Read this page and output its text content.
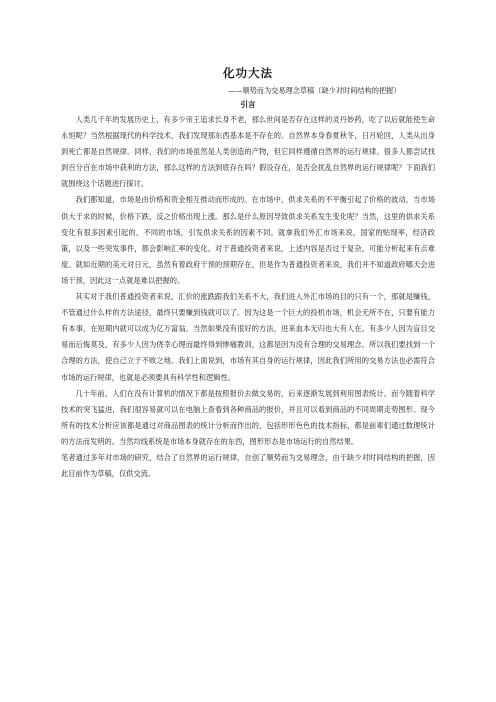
化功大法
——顺势而为交易理念草稿（缺少对时间结构的把握）
引言

人类几千年的发展历史上，有多少帝王追求长身不老，那么世间是否存在这样的灵丹妙药，吃了以后就能使生命永恒呢？当然根据现代的科学技术，我们发现那东西基本是不存在的。自然界本身春夏秋冬，日月轮回，人类从出身到死亡都是自然规律。同样，我们的市场虽然是人类创造的产物，但它同样遵循自然界的运行规律。很多人都尝试找到百分百在市场中获利的方法，那么这样的方法到底存在吗？假设存在，是否会扰乱自然界的运行规律呢？下面我们就围绕这个话题进行探讨。

我们都知道，市场是由价格和资金相互推动而形成的。在市场中，供求关系的不平衡引起了价格的波动，当市场供大于求的时候，价格下跌，反之价格出现上涨。那么是什么原因导致供求关系发生变化呢？当然，这里的供求关系变化有很多因素引起的，不同的市场，引发供求关系的因素不同。就拿我们外汇市场来说，国家的贴现率，经济政策，以及一些突发事件，都会影响汇率的变化。对于普通投资者来说，上述内容是否过于复杂，可能分析起来有点难度。就如近期的美元对日元，虽然有着政府干预的预期存在，但是作为普通投资者来说，我们并不知道政府哪天会进场干预，因此这一点就是难以把握的。

其实对于我们普通投资者来说，汇价的涨跌跟我们关系不大，我们进入外汇市场的目的只有一个，那就是赚钱，不管通过什么样的方法途径，最终只要赚到钱就可以了。因为这是一个巨大的投机市场，机会无所不在，只要有能力有本事，在短期内就可以成为亿万富翁。当然如果没有很好的方法，进来血本无归也大有人在。有多少人因为盲目交易而后悔莫及，有多少人因为侥幸心理而最终得到惨痛教训，这都是因为没有合理的交易理念。所以我们要找到一个合理的方法，使自己立于不败之地。我们上面说到，市场有其自身的运行规律，因此我们所用的交易方法也必需符合市场的运行规律，也就是必须要具有科学性和逻辑性。

几十年前，人们在没有计算机的情况下都是按照报价去做交易的，后来逐渐发展到利用图表统计。而今随着科学技术的突飞猛进，我们很容易就可以在电脑上查看到各种商品的报价，并且可以看到商品的不同周期走势图形。现今所有的技术分析应该都是通过对商品图表的统计分析而作出的，包括形形色色的技术指标，都是前辈们通过数理统计的方法而发明的。当然均线系统是市场本身就存在的东西，图形形态是市场运行的自然结果。

笔者通过多年对市场的研究，结合了自然界的运行规律，自创了顺势而为交易理念，由于缺少对时间结构的把握，因此目前作为草稿，仅供交流。
